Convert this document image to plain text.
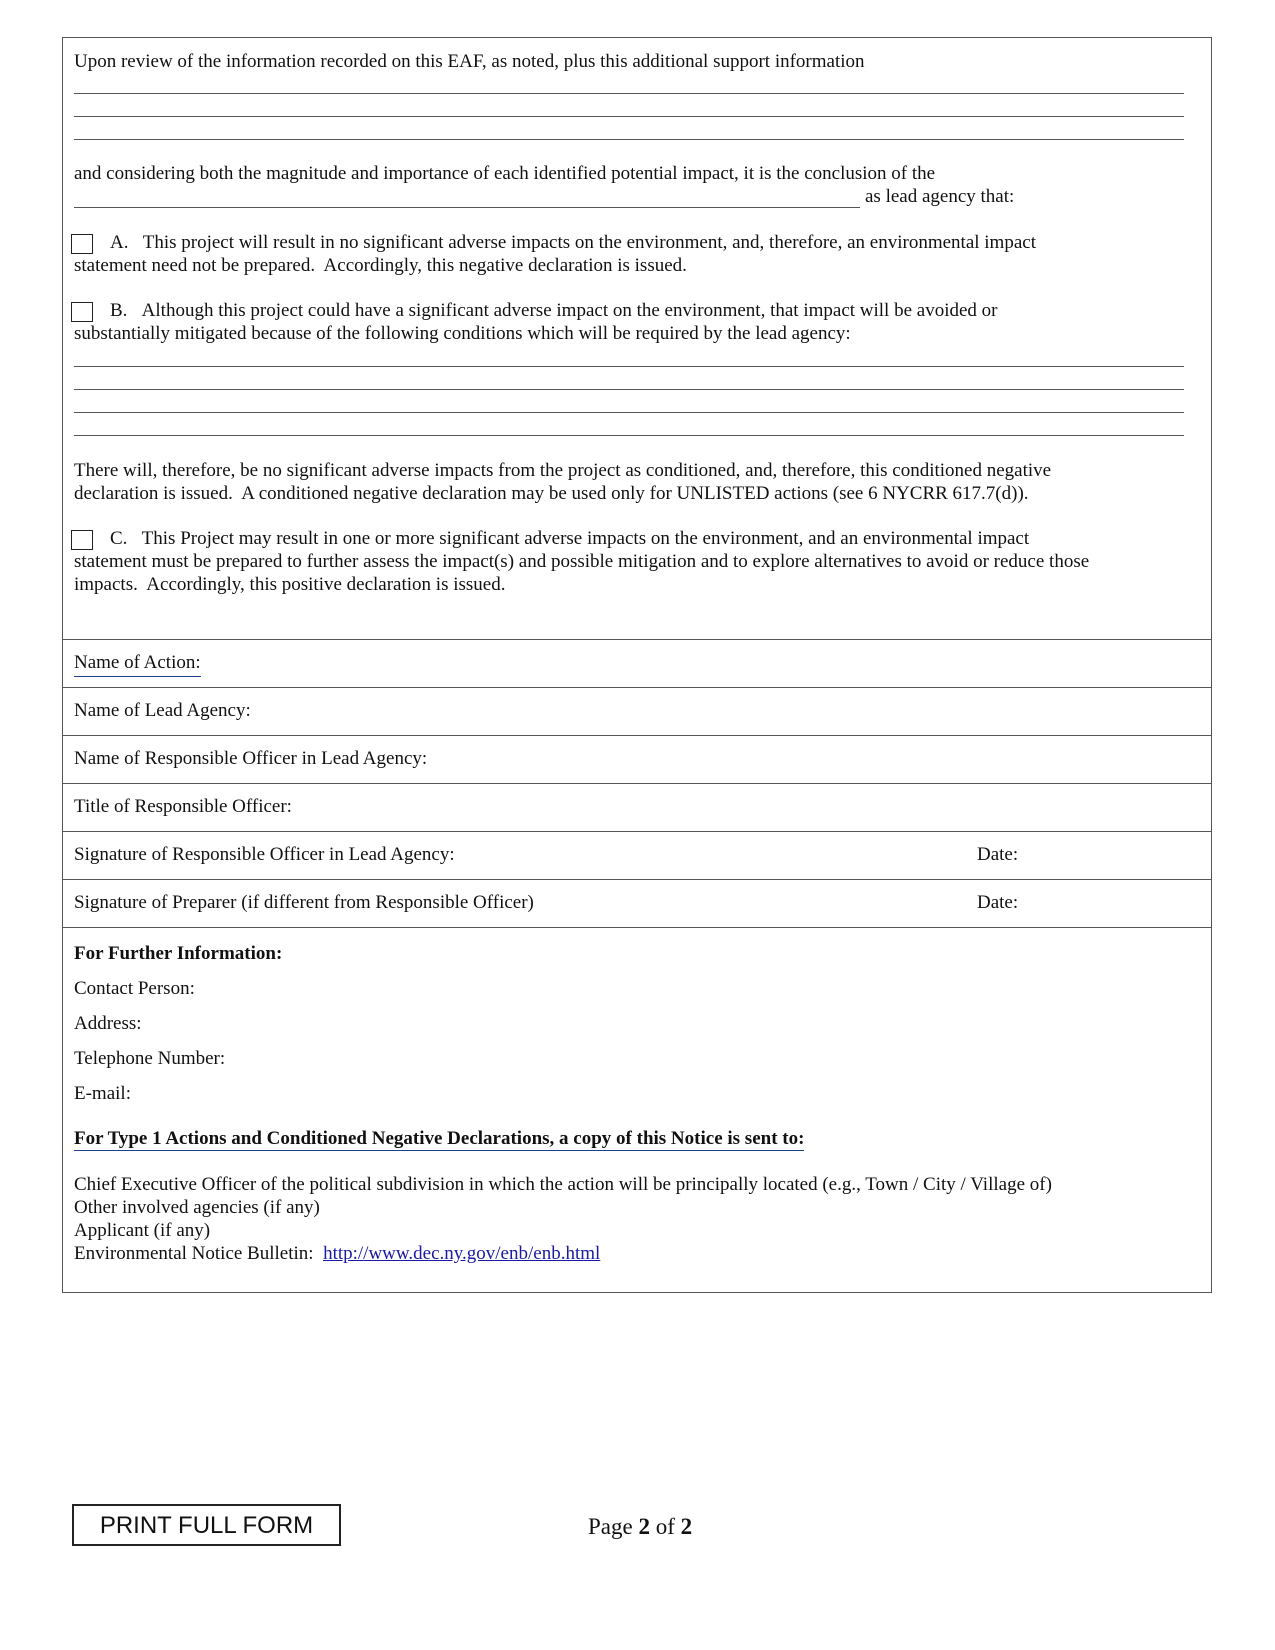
Upon review of the information recorded on this EAF, as noted, plus this additional support information

and considering both the magnitude and importance of each identified potential impact, it is the conclusion of the

as lead agency that:

A.   This project will result in no significant adverse impacts on the environment, and, therefore, an environmental impact

statement need not be prepared.  Accordingly, this negative declaration is issued.

B.   Although this project could have a significant adverse impact on the environment, that impact will be avoided or

substantially mitigated because of the following conditions which will be required by the lead agency:

There will, therefore, be no significant adverse impacts from the project as conditioned, and, therefore, this conditioned negative

declaration is issued.  A conditioned negative declaration may be used only for UNLISTED actions (see 6 NYCRR 617.7(d)).

C.   This Project may result in one or more significant adverse impacts on the environment, and an environmental impact

statement must be prepared to further assess the impact(s) and possible mitigation and to explore alternatives to avoid or reduce those

impacts.  Accordingly, this positive declaration is issued.

Name of Action:
Name of Lead Agency:
Name of Responsible Officer in Lead Agency:
Title of Responsible Officer:
Signature of Responsible Officer in Lead Agency:	Date:
Signature of Preparer (if different from Responsible Officer)	Date:

For Further Information:

Contact Person:

Address:

Telephone Number:

E-mail:

For Type 1 Actions and Conditioned Negative Declarations, a copy of this Notice is sent to:

Chief Executive Officer of the political subdivision in which the action will be principally located (e.g., Town / City / Village of)

Other involved agencies (if any)

Applicant (if any)

Environmental Notice Bulletin: http://www.dec.ny.gov/enb/enb.html

PRINT FULL FORM	Page 2 of 2
